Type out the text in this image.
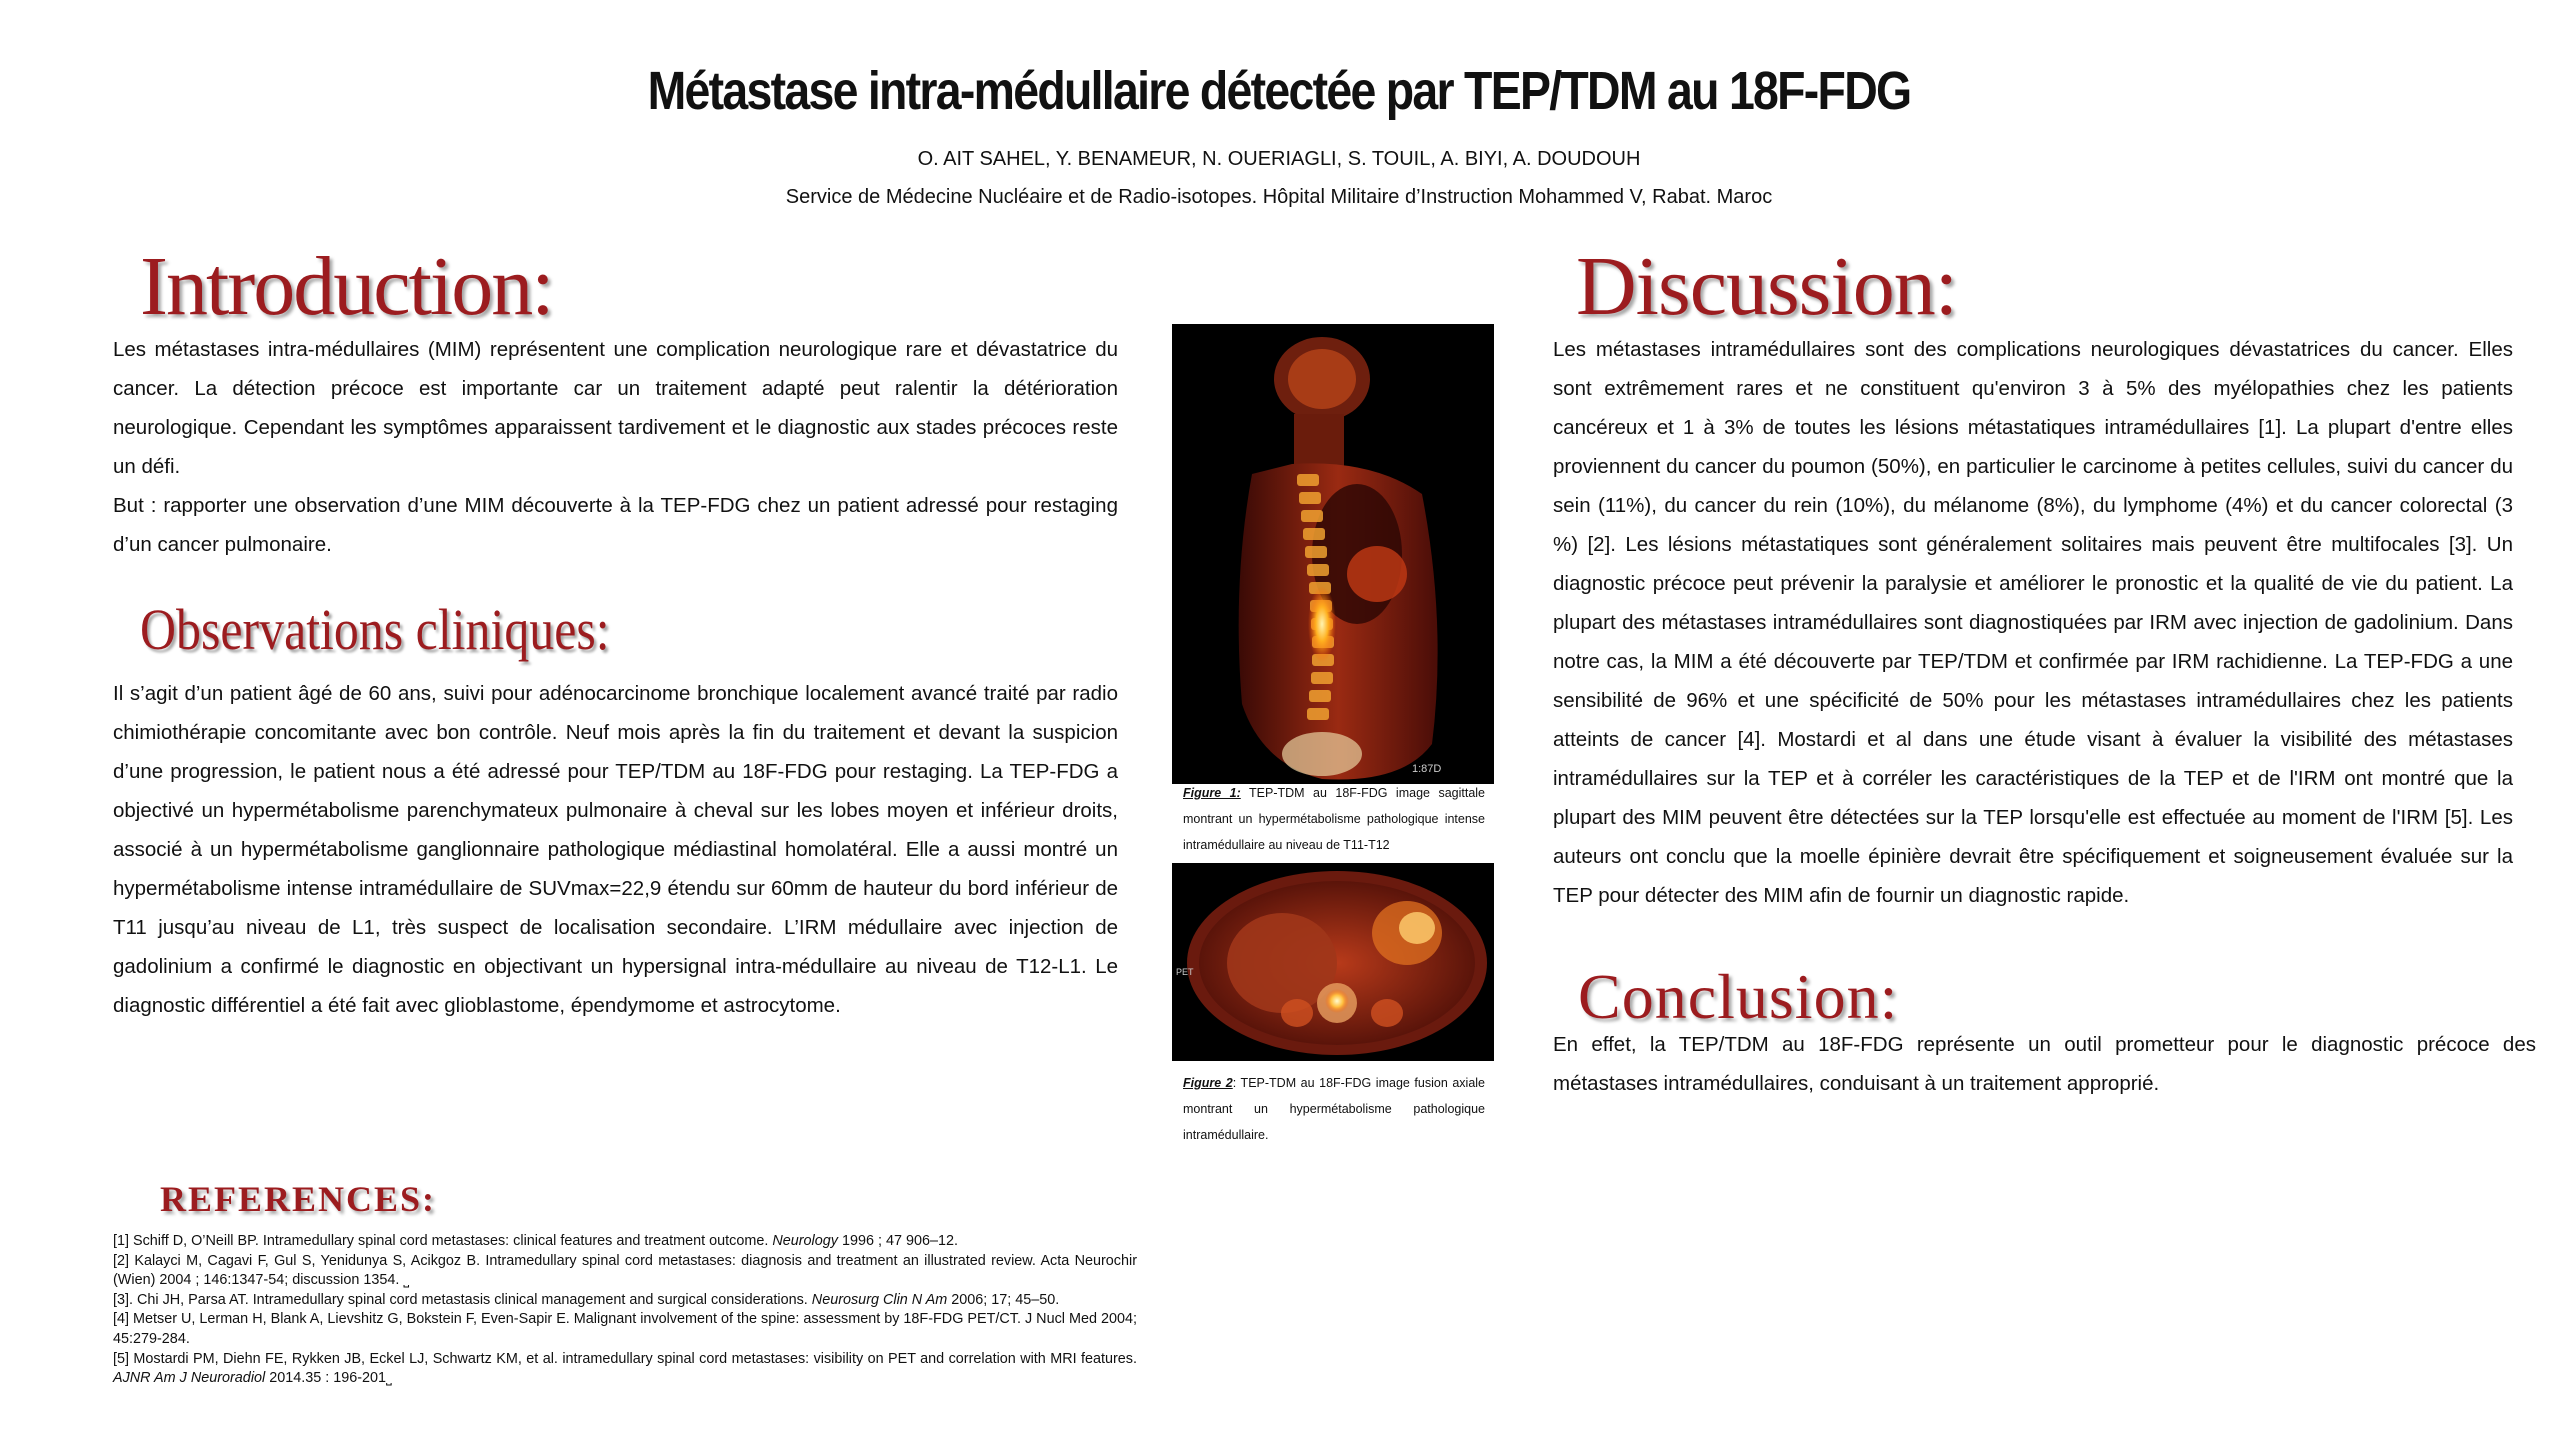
Métastase intra-médullaire détectée par TEP/TDM au 18F-FDG
O. AIT SAHEL, Y. BENAMEUR, N. OUERIAGLI, S. TOUIL, A. BIYI, A. DOUDOUH
Service de Médecine Nucléaire et de Radio-isotopes. Hôpital Militaire d’Instruction Mohammed V, Rabat. Maroc
Introduction:

Les métastases intra-médullaires (MIM) représentent une complication neurologique rare et dévastatrice du cancer. La détection précoce est importante car un traitement adapté peut ralentir la détérioration neurologique. Cependant les symptômes apparaissent tardivement et le diagnostic aux stades précoces reste un défi.

But : rapporter une observation d’une MIM découverte à la TEP-FDG chez un patient adressé pour restaging d’un cancer pulmonaire.

Observations cliniques:

Il s’agit d’un patient âgé de 60 ans, suivi pour adénocarcinome bronchique localement avancé traité par radio chimiothérapie concomitante avec bon contrôle. Neuf mois après la fin du traitement et devant la suspicion d’une progression, le patient nous a été adressé pour TEP/TDM au 18F-FDG pour restaging. La TEP-FDG a objectivé un hypermétabolisme parenchymateux pulmonaire à cheval sur les lobes moyen et inférieur droits, associé à un hypermétabolisme ganglionnaire pathologique médiastinal homolatéral. Elle a aussi montré un hypermétabolisme intense intramédullaire de SUVmax=22,9 étendu sur 60mm de hauteur du bord inférieur de T11 jusqu’au niveau de L1, très suspect de localisation secondaire. L’IRM médullaire avec injection de gadolinium a confirmé le diagnostic en objectivant un hypersignal intra-médullaire au niveau de T12-L1. Le diagnostic différentiel a été fait avec glioblastome, épendymome et astrocytome.

REFERENCES:

[1] Schiff D, O’Neill BP. Intramedullary spinal cord metastases: clinical features and treatment outcome. Neurology 1996 ; 47 906–12.

[2] Kalayci M, Cagavi F, Gul S, Yenidunya S, Acikgoz B. Intramedullary spinal cord metastases: diagnosis and treatment an illustrated review. Acta Neurochir (Wien) 2004 ; 146:1347-54; discussion 1354. ⎵

[3]. Chi JH, Parsa AT. Intramedullary spinal cord metastasis clinical management and surgical considerations. Neurosurg Clin N Am 2006; 17; 45–50.

[4] Metser U, Lerman H, Blank A, Lievshitz G, Bokstein F, Even-Sapir E. Malignant involvement of the spine: assessment by 18F-FDG PET/CT. J Nucl Med 2004; 45:279-284.

[5] Mostardi PM, Diehn FE, Rykken JB, Eckel LJ, Schwartz KM, et al. intramedullary spinal cord metastases: visibility on PET and correlation with MRI features. AJNR Am J Neuroradiol 2014.35 : 196-201⎵

1:87D
Figure 1: TEP-TDM au 18F-FDG image sagittale montrant un hypermétabolisme pathologique intense intramédullaire au niveau de T11-T12
PET
Figure 2: TEP-TDM au 18F-FDG image fusion axiale montrant un hypermétabolisme pathologique intramédullaire.
Discussion:

Les métastases intramédullaires sont des complications neurologiques dévastatrices du cancer. Elles sont extrêmement rares et ne constituent qu'environ 3 à 5% des myélopathies chez les patients cancéreux et 1 à 3% de toutes les lésions métastatiques intramédullaires [1]. La plupart d'entre elles proviennent du cancer du poumon (50%), en particulier le carcinome à petites cellules, suivi du cancer du sein (11%), du cancer du rein (10%), du mélanome (8%), du lymphome (4%) et du cancer colorectal (3 %) [2]. Les lésions métastatiques sont généralement solitaires mais peuvent être multifocales [3]. Un diagnostic précoce peut prévenir la paralysie et améliorer le pronostic et la qualité de vie du patient. La plupart des métastases intramédullaires sont diagnostiquées par IRM avec injection de gadolinium. Dans notre cas, la MIM a été découverte par TEP/TDM et confirmée par IRM rachidienne. La TEP-FDG a une sensibilité de 96% et une spécificité de 50% pour les métastases intramédullaires chez les patients atteints de cancer [4]. Mostardi et al dans une étude visant à évaluer la visibilité des métastases intramédullaires sur la TEP et à corréler les caractéristiques de la TEP et de l'IRM ont montré que la plupart des MIM peuvent être détectées sur la TEP lorsqu'elle est effectuée au moment de l'IRM [5]. Les auteurs ont conclu que la moelle épinière devrait être spécifiquement et soigneusement évaluée sur la TEP pour détecter des MIM afin de fournir un diagnostic rapide.

Conclusion:

En effet, la TEP/TDM au 18F-FDG représente un outil prometteur pour le diagnostic précoce des métastases intramédullaires, conduisant à un traitement approprié.
